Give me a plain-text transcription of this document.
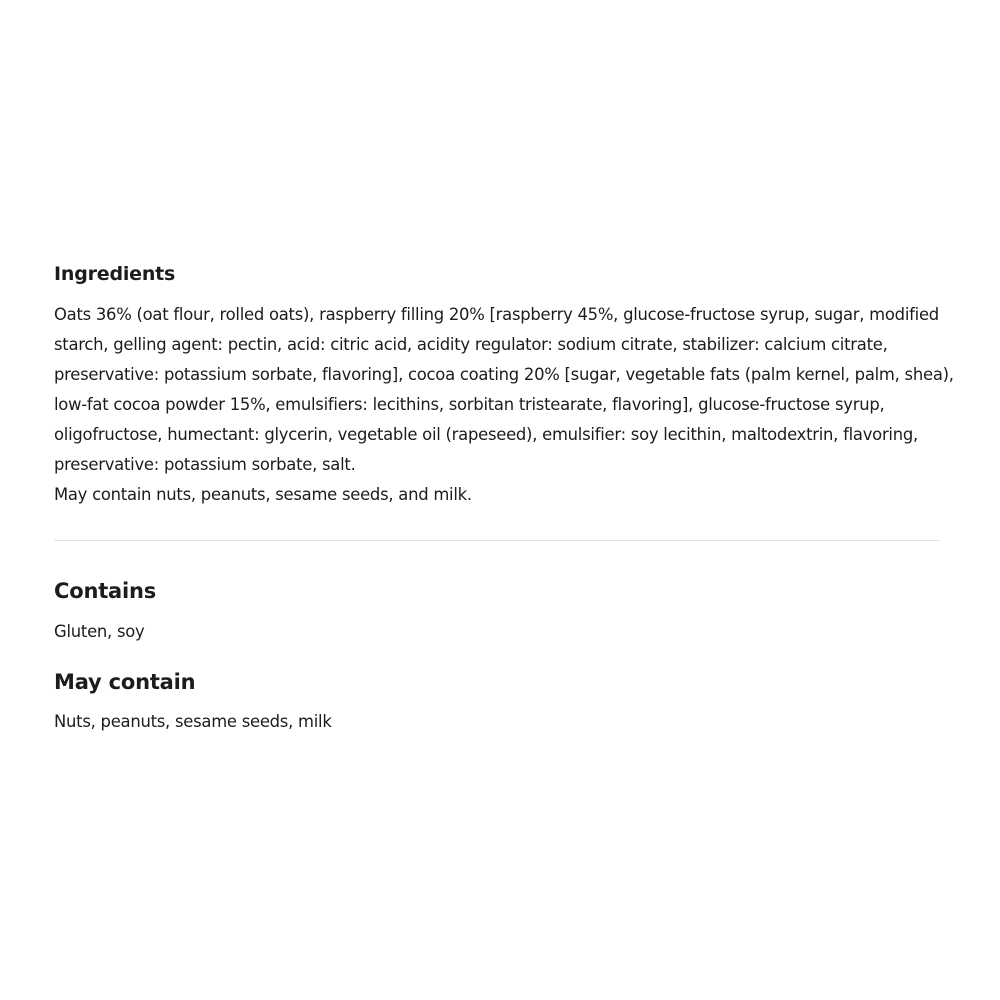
Ingredients

Oats 36% (oat flour, rolled oats), raspberry filling 20% [raspberry 45%, glucose-fructose syrup, sugar, modified starch, gelling agent: pectin, acid: citric acid, acidity regulator: sodium citrate, stabilizer: calcium citrate, preservative: potassium sorbate, flavoring], cocoa coating 20% [sugar, vegetable fats (palm kernel, palm, shea), low-fat cocoa powder 15%, emulsifiers: lecithins, sorbitan tristearate, flavoring], glucose-fructose syrup, oligofructose, humectant: glycerin, vegetable oil (rapeseed), emulsifier: soy lecithin, maltodextrin, flavoring, preservative: potassium sorbate, salt.

May contain nuts, peanuts, sesame seeds, and milk.

Contains

Gluten, soy

May contain

Nuts, peanuts, sesame seeds, milk
